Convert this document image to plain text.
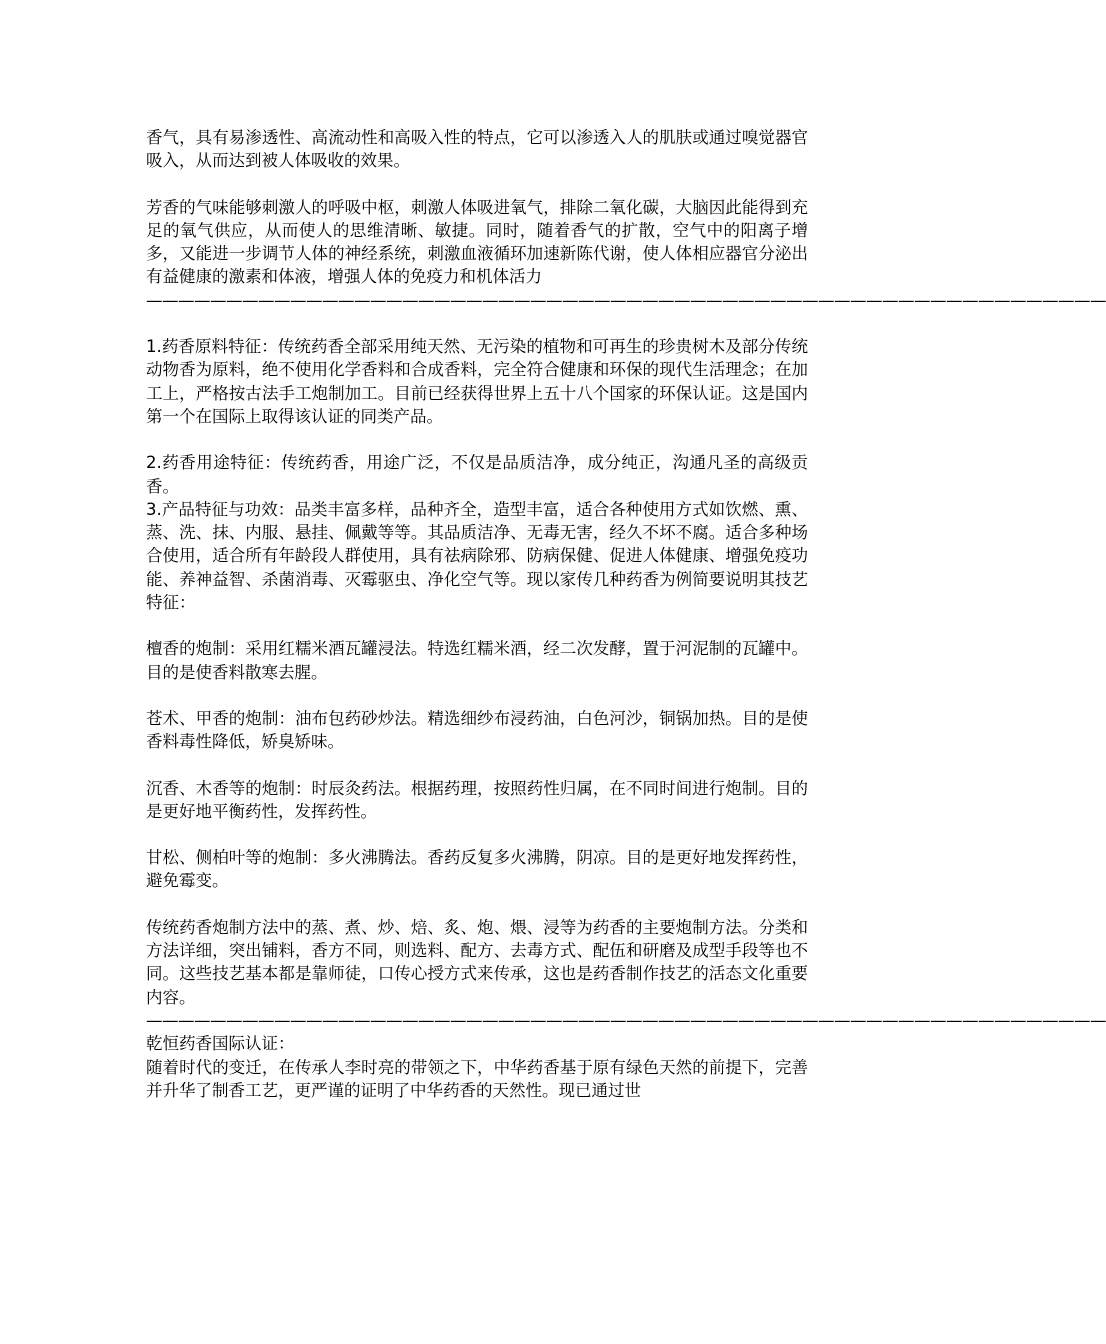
香气，具有易渗透性、高流动性和高吸入性的特点，它可以渗透入人的肌肤或通过嗅觉器官吸入，从而达到被人体吸收的效果。

芳香的气味能够刺激人的呼吸中枢，刺激人体吸进氧气，排除二氧化碳，大脑因此能得到充足的氧气供应，从而使人的思维清晰、敏捷。同时，随着香气的扩散，空气中的阳离子增多，又能进一步调节人体的神经系统，刺激血液循环加速新陈代谢，使人体相应器官分泌出有益健康的激素和体液，增强人体的免疫力和机体活力

————————————————————————————————————————————————————————————

1.药香原料特征：传统药香全部采用纯天然、无污染的植物和可再生的珍贵树木及部分传统动物香为原料，绝不使用化学香料和合成香料，完全符合健康和环保的现代生活理念；在加工上，严格按古法手工炮制加工。目前已经获得世界上五十八个国家的环保认证。这是国内第一个在国际上取得该认证的同类产品。

2.药香用途特征：传统药香，用途广泛，不仅是品质洁净，成分纯正，沟通凡圣的高级贡香。

3.产品特征与功效：品类丰富多样，品种齐全，造型丰富，适合各种使用方式如饮燃、熏、蒸、洗、抹、内服、悬挂、佩戴等等。其品质洁净、无毒无害，经久不坏不腐。适合多种场合使用，适合所有年龄段人群使用，具有祛病除邪、防病保健、促进人体健康、增强免疫功能、养神益智、杀菌消毒、灭霉驱虫、净化空气等。现以家传几种药香为例简要说明其技艺特征：

檀香的炮制：采用红糯米酒瓦罐浸法。特选红糯米酒，经二次发酵，置于河泥制的瓦罐中。目的是使香料散寒去腥。

苍术、甲香的炮制：油布包药砂炒法。精选细纱布浸药油，白色河沙，铜锅加热。目的是使香料毒性降低，矫臭矫味。

沉香、木香等的炮制：时辰灸药法。根据药理，按照药性归属，在不同时间进行炮制。目的是更好地平衡药性，发挥药性。

甘松、侧柏叶等的炮制：多火沸腾法。香药反复多火沸腾，阴凉。目的是更好地发挥药性，避免霉变。

传统药香炮制方法中的蒸、煮、炒、焙、炙、炮、煨、浸等为药香的主要炮制方法。分类和方法详细，突出铺料，香方不同，则选料、配方、去毒方式、配伍和研磨及成型手段等也不同。这些技艺基本都是靠师徒，口传心授方式来传承，这也是药香制作技艺的活态文化重要内容。

————————————————————————————————————————————————————————————

乾恒药香国际认证：

随着时代的变迁，在传承人李时亮的带领之下，中华药香基于原有绿色天然的前提下，完善并升华了制香工艺，更严谨的证明了中华药香的天然性。现已通过世
